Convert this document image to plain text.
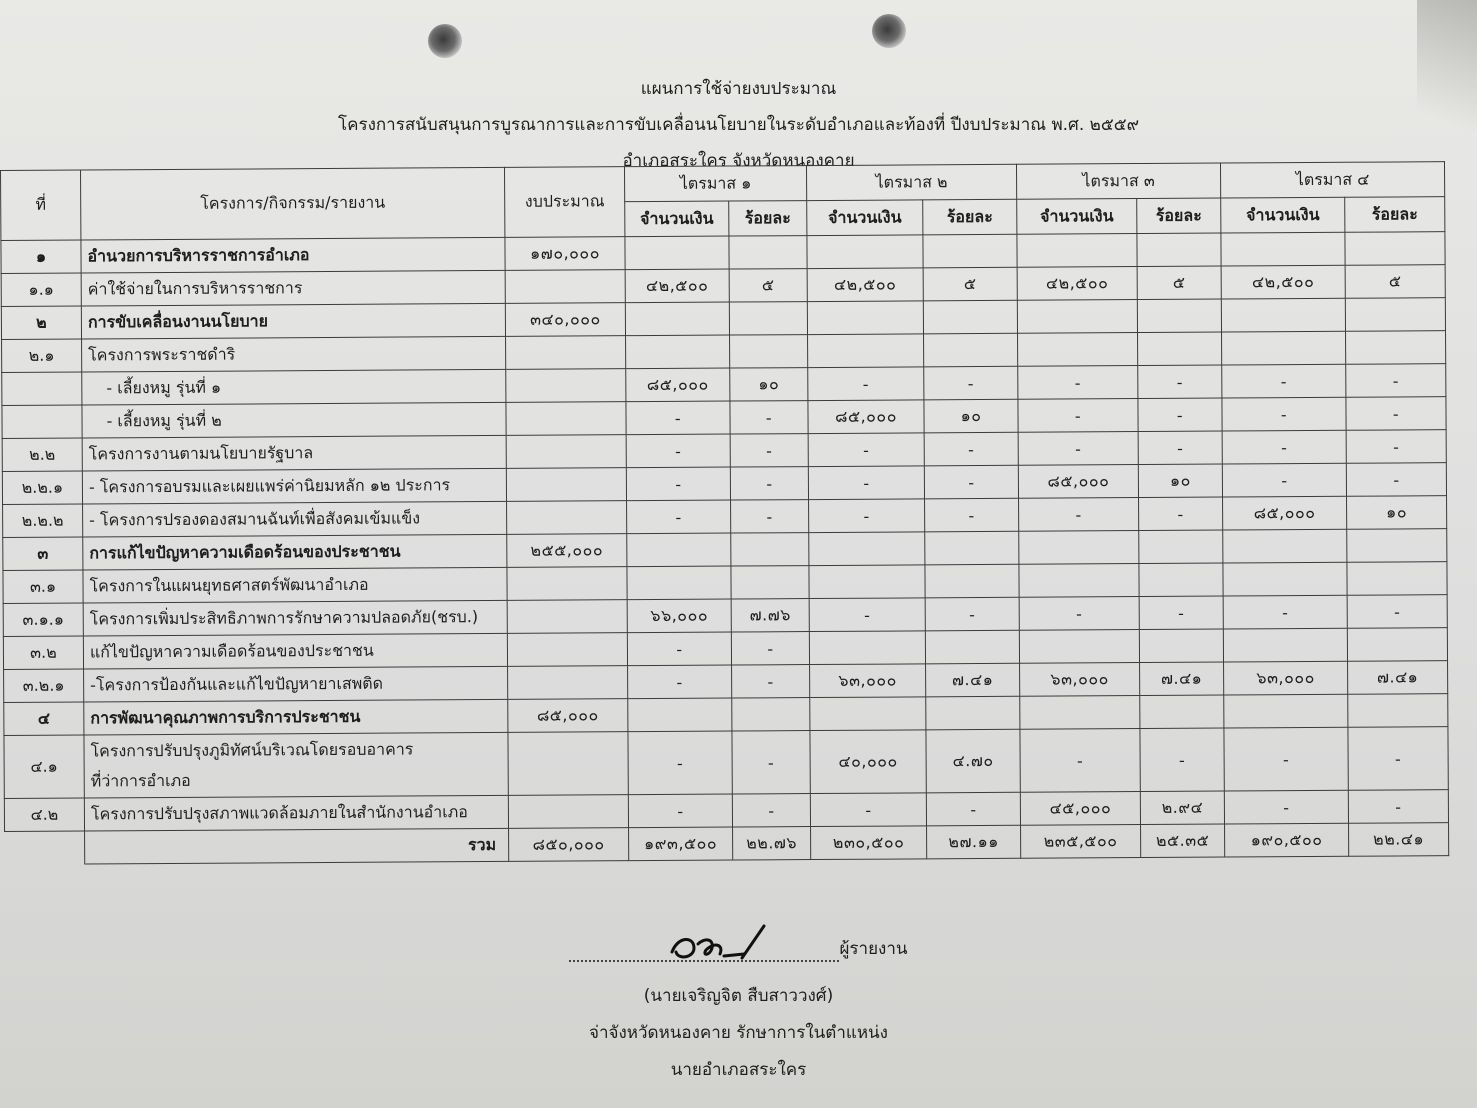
แผนการใช้จ่ายงบประมาณ
โครงการสนับสนุนการบูรณาการและการขับเคลื่อนนโยบายในระดับอำเภอและท้องที่ ปีงบประมาณ พ.ศ. ๒๕๕๙
อำเภอสระใคร จังหวัดหนองคาย
ที่	โครงการ/กิจกรรม/รายงาน	งบประมาณ	ไตรมาส ๑		ไตรมาส ๒		ไตรมาส ๓		ไตรมาส ๔	
			จำนวนเงิน	ร้อยละ	จำนวนเงิน	ร้อยละ	จำนวนเงิน	ร้อยละ	จำนวนเงิน	ร้อยละ
๑	อำนวยการบริหารราชการอำเภอ	๑๗๐,๐๐๐								
๑.๑	ค่าใช้จ่ายในการบริหารราชการ		๔๒,๕๐๐	๕	๔๒,๕๐๐	๕	๔๒,๕๐๐	๕	๔๒,๕๐๐	๕
๒	การขับเคลื่อนงานนโยบาย	๓๔๐,๐๐๐								
๒.๑	โครงการพระราชดำริ									
	- เลี้ยงหมู รุ่นที่ ๑		๘๕,๐๐๐	๑๐	-	-	-	-	-	-
	- เลี้ยงหมู รุ่นที่ ๒		-	-	๘๕,๐๐๐	๑๐	-	-	-	-
๒.๒	โครงการงานตามนโยบายรัฐบาล		-	-	-	-	-	-	-	-
๒.๒.๑	- โครงการอบรมและเผยแพร่ค่านิยมหลัก ๑๒ ประการ		-	-	-	-	๘๕,๐๐๐	๑๐	-	-
๒.๒.๒	- โครงการปรองดองสมานฉันท์เพื่อสังคมเข้มแข็ง		-	-	-	-	-	-	๘๕,๐๐๐	๑๐
๓	การแก้ไขปัญหาความเดือดร้อนของประชาชน	๒๕๕,๐๐๐								
๓.๑	โครงการในแผนยุทธศาสตร์พัฒนาอำเภอ									
๓.๑.๑	โครงการเพิ่มประสิทธิภาพการรักษาความปลอดภัย(ชรบ.)		๖๖,๐๐๐	๗.๗๖	-	-	-	-	-	-
๓.๒	แก้ไขปัญหาความเดือดร้อนของประชาชน		-	-						
๓.๒.๑	-โครงการป้องกันและแก้ไขปัญหายาเสพติด		-	-	๖๓,๐๐๐	๗.๔๑	๖๓,๐๐๐	๗.๔๑	๖๓,๐๐๐	๗.๔๑
๔	การพัฒนาคุณภาพการบริการประชาชน	๘๕,๐๐๐								
๔.๑	โครงการปรับปรุงภูมิทัศน์บริเวณโดยรอบอาคาร
ที่ว่าการอำเภอ		-	-	๔๐,๐๐๐	๔.๗๐	-	-	-	-
๔.๒	โครงการปรับปรุงสภาพแวดล้อมภายในสำนักงานอำเภอ		-	-	-	-	๔๕,๐๐๐	๒.๙๔	-	-
	รวม	๘๕๐,๐๐๐	๑๙๓,๕๐๐	๒๒.๗๖	๒๓๐,๕๐๐	๒๗.๑๑	๒๓๕,๕๐๐	๒๕.๓๕	๑๙๐,๕๐๐	๒๒.๔๑
ผู้รายงาน
(นายเจริญจิต สืบสาววงศ์)
จ่าจังหวัดหนองคาย รักษาการในตำแหน่ง
นายอำเภอสระใคร
